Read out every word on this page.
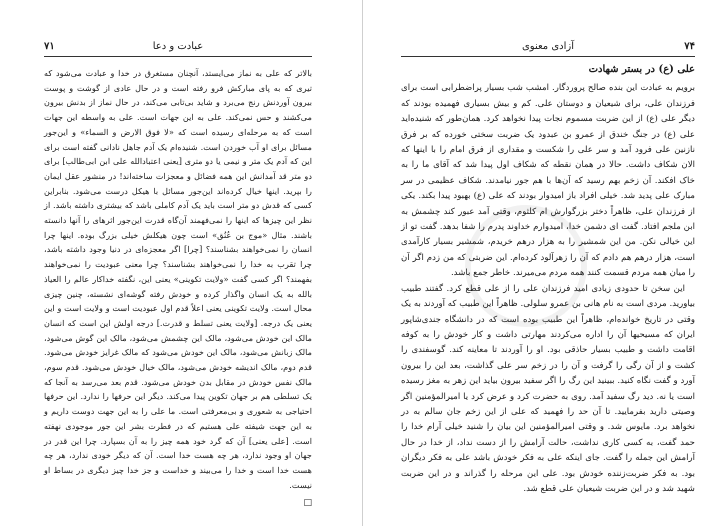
۷۱	عبادت و دعا

بالاتر که علی به نماز می‌ایستد، آنچنان مستغرق در خدا و عبادت می‌شود که تیری که به پای مبارکش فرو رفته است و در حال عادی از گوشت و پوست بیرون آوردنش رنج می‌برد و شاید بی‌تابی می‌کند، در حال نماز از بدنش بیرون می‌کشند و حس نمی‌کند. علی به این جهات است. علی به واسطه این جهات است که به مرحله‌ای رسیده است که «لا فوق الارض و السماء» و این‌جور مسائل برای او آب خوردن است. شنیده‌ام یک آدم جاهل نادانی گفته است برای این که آدم یک متر و نیمی یا دو متری [یعنی اعتبادالله علی ابن ابی‌طالب] برای دو متر قد آمدانش این همه فضائل و معجزات ساخته‌اند! در منشور عقل ایمان را بپرید. اینها خیال کرده‌اند این‌جور مسائل با هیکل درست می‌شود. بنابراین کسی که قدش دو متر است باید یک آدم کاملی باشد که بیشتری داشته باشد. از نظر این چیزها که اینها را نمی‌فهمند آن‌گاه قدرت این‌جور اثرهای را آنها دانسته باشند. مثال «موج بن عُنُق» است چون هیکلش خیلی بزرگ بوده. اینها چرا انسان را نمی‌خواهند بشناسند؟ [چرا] اگر معجزه‌ای در دنیا وجود داشته باشد، چرا تقرب به خدا را نمی‌خواهند بشناسند؟ چرا معنی عبودیت را نمی‌خواهند بفهمند؟ اگر کسی گفت «ولایت تکوینی» یعنی این، نگفته خداکار عالم را العیاذ بالله به یک انسان واگذار کرده و خودش رفته گوشه‌ای نشسته، چنین چیزی محال است. ولایت تکوینی یعنی اعلاً قدم اول عبودیت است و ولایت است و این یعنی یک درجه. [ولایت یعنی تسلط و قدرت.] درجه اولش این است که انسان مالک این خودش می‌شود، مالک این چشمش می‌شود، مالک این گوش می‌شود، مالک زبانش می‌شود، مالک این خودش می‌شود که مالک غرایز خودش می‌شود. قدم دوم، مالک اندیشه خودش می‌شود، مالک خیال خودش می‌شود. قدم سوم، مالک نفس خودش در مقابل بدن خودش می‌شود. قدم بعد می‌رسد به آنجا که یک تسلطی هم بر جهان تکوین پیدا می‌کند. دیگر این حرفها را ندارد. این حرفها احتیاجی به شعوری و بی‌معرفتی است. ما علی را به این جهت دوست داریم و به این جهت شیفته علی هستیم که در فطرت بشر این جور موجودی نهفته است. [علی یعنی] آن که گرد خود همه چیز را به آن بسپارد. چرا این قدر در جهان او وجود ندارد، هر چه هست خدا است. آن که دیگر خودی ندارد، هر چه هست خدا است و خدا را می‌بیند و خداست و جز خدا چیز دیگری در بساط او نیست.

□
۷۴
آزادی معنوی
علی (ع) در بستر شهادت

برویم به عبادت این بنده صالح پروردگار. امشب شب بسیار پراضطرابی است برای فرزندان علی، برای شیعیان و دوستان علی. کم و بیش بسیاری فهمیده بودند که دیگر علی (ع) از این ضربت مسموم نجات پیدا نخواهد کرد. همان‌طور که شنیده‌اید علی (ع) در جنگ خندق از عمرو بن عبدود یک ضربت سختی خورده که بر فرق نازنین علی فرود آمد و سر علی را شکست و مقداری از فرق امام را با اینها که الان شکاف داشت. حالا در همان نقطه که شکاف اول پیدا شد که آقای ما را به خاک افکند. آن زخم بهم رسید که آن‌ها با هم جور نیامدند. شکاف عظیمی در سر مبارک علی پدید شد. خیلی افراد باز امیدوار بودند که علی (ع) بهبود پیدا بکند. یکی از فرزندان علی، ظاهراً دختر بزرگوارش ام کلثوم، وقتی آمد عبور کند چشمش به ابن ملجم افتاد. گفت ای دشمن خدا، امیدوارم خداوند پدرم را شفا بدهد. گفت تو از این خیالی نکن. من این شمشیر را به هزار درهم خریدم، شمشیر بسیار کارآمدی است، هزار درهم هم دادم که آن را زهرآلود کرده‌ام. این ضربتی که من زدم اگر آن را میان همه مردم قسمت کنند همه مردم می‌میرند. خاطر جمع باشد.

این سخن تا حدودی زیادی امید فرزندان علی را از علی قطع کرد. گفتند طبیب بیاورید. مردی است به نام هانی بن عمرو سلولی. ظاهراً این طبیب که آوردند به یک وقتی در تاریخ خوانده‌ام، ظاهراً این طبیب بوده است که در دانشگاه جندی‌شاپور ایران که مسیحیها آن را اداره می‌کردند مهارتی داشت و کار خودش را به کوفه اقامت داشت و طبیب بسیار حاذقی بود. او را آوردند تا معاینه کند. گوسفندی را کشت و از آن رگی را گرفت و آن را در زخم سر علی گذاشت، بعد این را بیرون آورد و گفت نگاه کنید. ببینید این رگ را اگر سفید بیرون بیاید این زهر به مغز رسیده است یا نه. دید رگ سفید آمد. روی به حضرت کرد و عرض کرد یا امیرالمؤمنین اگر وصیتی دارید بفرمایید. تا آن حد را فهمید که علی از این زخم جان سالم به در نخواهد برد. مایوس شد. و وقتی امیرالمؤمنین این بیان را شنید خیلی آرام خدا را حمد گفت، به کسی کاری نداشت، حالت آرامش را از دست نداد، از خدا در حال آرامش این جمله را گفت. جای اینکه علی به فکر خودش باشد علی به فکر دیگران بود. به فکر ضربت‌زننده خودش بود. علی این مرحله را گذراند و در این ضربت شهید شد و در این ضربت شیعیان علی قطع شد.
